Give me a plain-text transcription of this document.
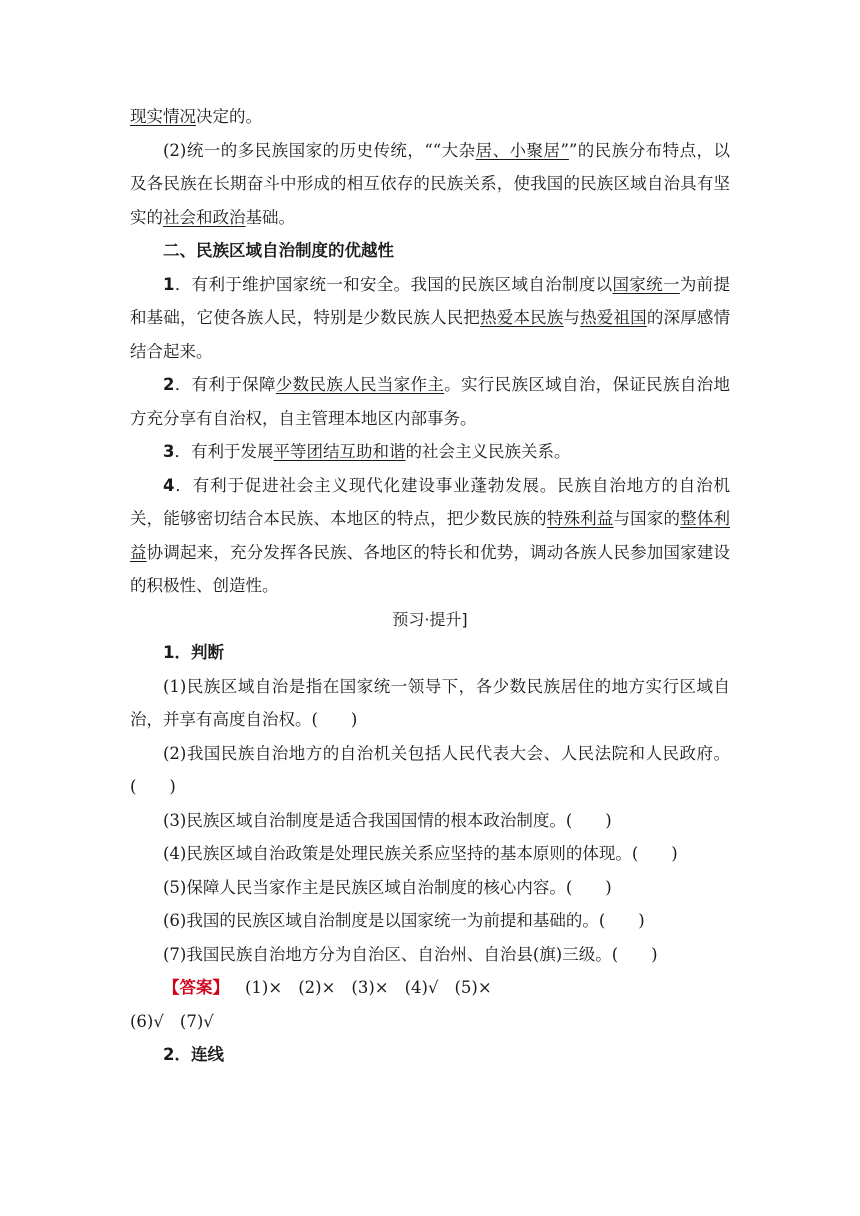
现实情况决定的。

(2)统一的多民族国家的历史传统，““大杂居、小聚居””的民族分布特点，以及各民族在长期奋斗中形成的相互依存的民族关系，使我国的民族区域自治具有坚实的社会和政治基础。

二、民族区域自治制度的优越性

1．有利于维护国家统一和安全。我国的民族区域自治制度以国家统一为前提和基础，它使各族人民，特别是少数民族人民把热爱本民族与热爱祖国的深厚感情结合起来。

2．有利于保障少数民族人民当家作主。实行民族区域自治，保证民族自治地方充分享有自治权，自主管理本地区内部事务。

3．有利于发展平等团结互助和谐的社会主义民族关系。

4．有利于促进社会主义现代化建设事业蓬勃发展。民族自治地方的自治机关，能够密切结合本民族、本地区的特点，把少数民族的特殊利益与国家的整体利益协调起来，充分发挥各民族、各地区的特长和优势，调动各族人民参加国家建设的积极性、创造性。

预习·提升]

1．判断

(1)民族区域自治是指在国家统一领导下，各少数民族居住的地方实行区域自治，并享有高度自治权。(　　)

(2)我国民族自治地方的自治机关包括人民代表大会、人民法院和人民政府。(　　)

(3)民族区域自治制度是适合我国国情的根本政治制度。(　　)

(4)民族区域自治政策是处理民族关系应坚持的基本原则的体现。(　　)

(5)保障人民当家作主是民族区域自治制度的核心内容。(　　)

(6)我国的民族区域自治制度是以国家统一为前提和基础的。(　　)

(7)我国民族自治地方分为自治区、自治州、自治县(旗)三级。(　　)

【答案】 (1)× (2)× (3)× (4)√ (5)×

(6)√ (7)√

2．连线
